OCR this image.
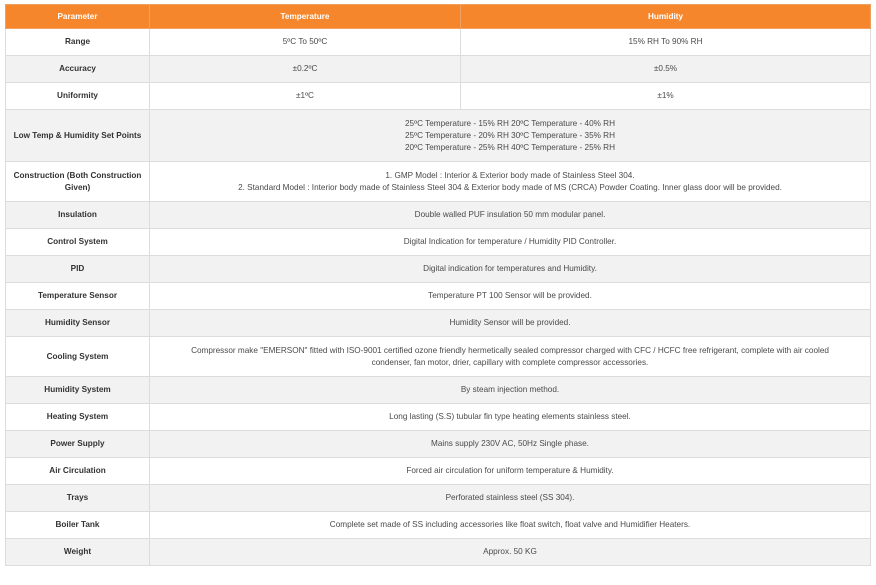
Parameter	Temperature	Humidity
Range	5ºC To 50ºC	15% RH To 90% RH
Accuracy	±0.2ºC	±0.5%
Uniformity	±1ºC	±1%
Low Temp & Humidity Set Points	25ºC Temperature - 15% RH 20ºC Temperature - 40% RH
25ºC Temperature - 20% RH 30ºC Temperature - 35% RH
20ºC Temperature - 25% RH 40ºC Temperature - 25% RH	

Construction (Both Construction Given)	1. GMP Model : Interior & Exterior body made of Stainless Steel 304.
2. Standard Model : Interior body made of Stainless Steel 304 & Exterior body made of MS (CRCA) Powder Coating. Inner glass door will be provided.	

Insulation	Double walled PUF insulation 50 mm modular panel.	
Control System	Digital Indication for temperature / Humidity PID Controller.	
PID	Digital indication for temperatures and Humidity.	
Temperature Sensor	Temperature PT 100 Sensor will be provided.	
Humidity Sensor	Humidity Sensor will be provided.	
Cooling System	Compressor make "EMERSON" fitted with ISO-9001 certified ozone friendly hermetically sealed compressor charged with CFC / HCFC free refrigerant, complete with air cooled
condenser, fan motor, drier, capillary with complete compressor accessories.	

Humidity System	By steam injection method.	
Heating System	Long lasting (S.S) tubular fin type heating elements stainless steel.	
Power Supply	Mains supply 230V AC, 50Hz Single phase.	
Air Circulation	Forced air circulation for uniform temperature & Humidity.	
Trays	Perforated stainless steel (SS 304).	
Boiler Tank	Complete set made of SS including accessories like float switch, float valve and Humidifier Heaters.	
Weight	Approx. 50 KG	
